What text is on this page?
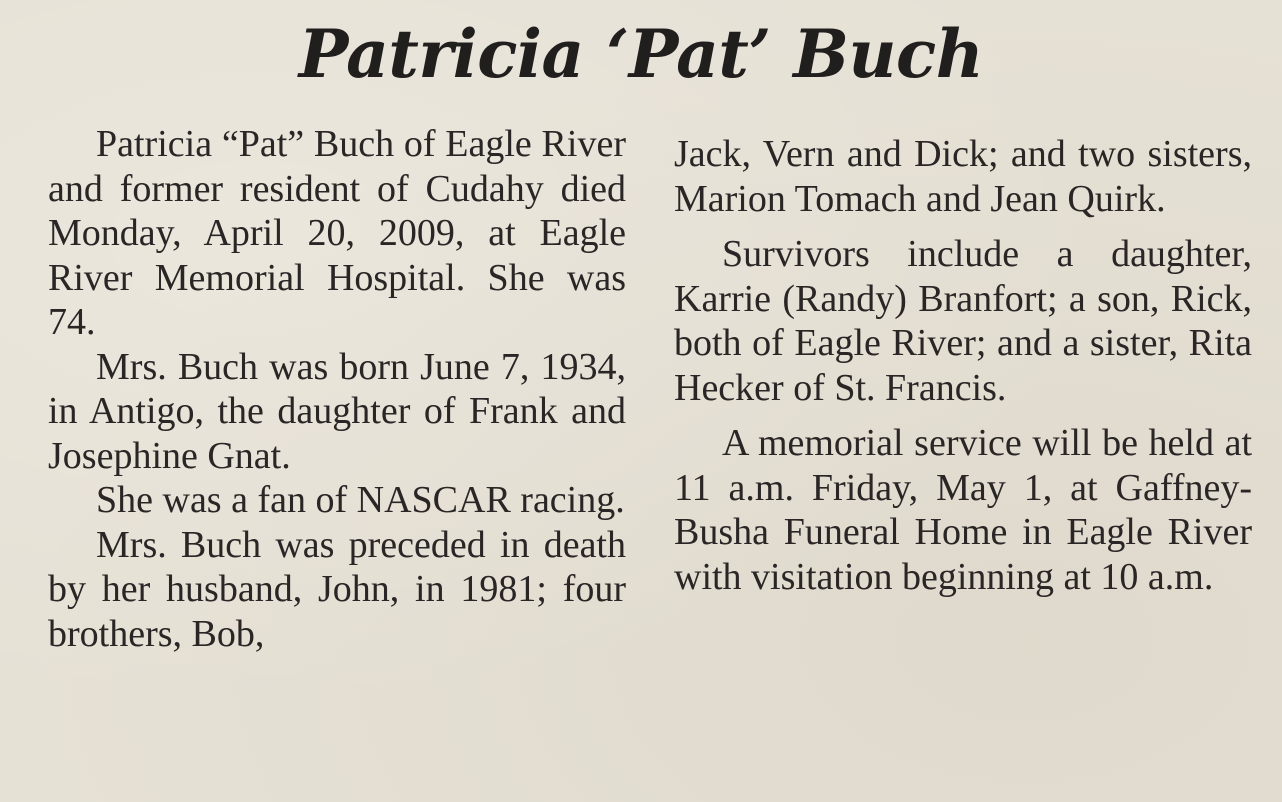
Patricia ‘Pat’ Buch

Patricia “Pat” Buch of Eagle River and former resident of Cudahy died Monday, April 20, 2009, at Eagle River Memorial Hospital. She was 74.

Mrs. Buch was born June 7, 1934, in Antigo, the daughter of Frank and Josephine Gnat.

She was a fan of NASCAR racing.

Mrs. Buch was preceded in death by her husband, John, in 1981; four brothers, Bob,

Jack, Vern and Dick; and two sisters, Marion Tomach and Jean Quirk.

Survivors include a daughter, Karrie (Randy) Branfort; a son, Rick, both of Eagle River; and a sister, Rita Hecker of St. Francis.

A memorial service will be held at 11 a.m. Friday, May 1, at Gaffney-Busha Funeral Home in Eagle River with visitation beginning at 10 a.m.
